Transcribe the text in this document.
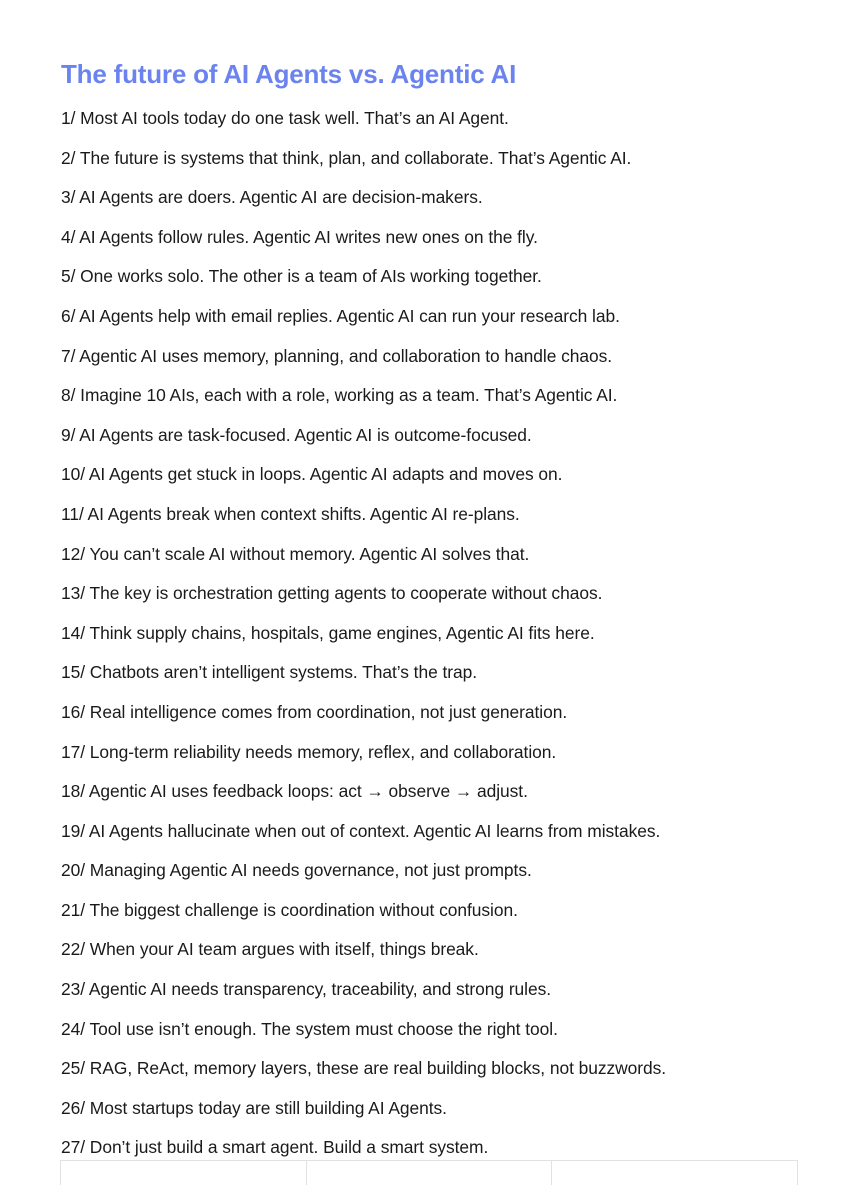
The future of AI Agents vs. Agentic AI
1/ Most AI tools today do one task well. That’s an AI Agent.
2/ The future is systems that think, plan, and collaborate. That’s Agentic AI.
3/ AI Agents are doers. Agentic AI are decision-makers.
4/ AI Agents follow rules. Agentic AI writes new ones on the fly.
5/ One works solo. The other is a team of AIs working together.
6/ AI Agents help with email replies. Agentic AI can run your research lab.
7/ Agentic AI uses memory, planning, and collaboration to handle chaos.
8/ Imagine 10 AIs, each with a role, working as a team. That’s Agentic AI.
9/ AI Agents are task-focused. Agentic AI is outcome-focused.
10/ AI Agents get stuck in loops. Agentic AI adapts and moves on.
11/ AI Agents break when context shifts. Agentic AI re-plans.
12/ You can’t scale AI without memory. Agentic AI solves that.
13/ The key is orchestration getting agents to cooperate without chaos.
14/ Think supply chains, hospitals, game engines, Agentic AI fits here.
15/ Chatbots aren’t intelligent systems. That’s the trap.
16/ Real intelligence comes from coordination, not just generation.
17/ Long-term reliability needs memory, reflex, and collaboration.
18/ Agentic AI uses feedback loops: act → observe → adjust.
19/ AI Agents hallucinate when out of context. Agentic AI learns from mistakes.
20/ Managing Agentic AI needs governance, not just prompts.
21/ The biggest challenge is coordination without confusion.
22/ When your AI team argues with itself, things break.
23/ Agentic AI needs transparency, traceability, and strong rules.
24/ Tool use isn’t enough. The system must choose the right tool.
25/ RAG, ReAct, memory layers, these are real building blocks, not buzzwords.
26/ Most startups today are still building AI Agents.
27/ Don’t just build a smart agent. Build a smart system.
